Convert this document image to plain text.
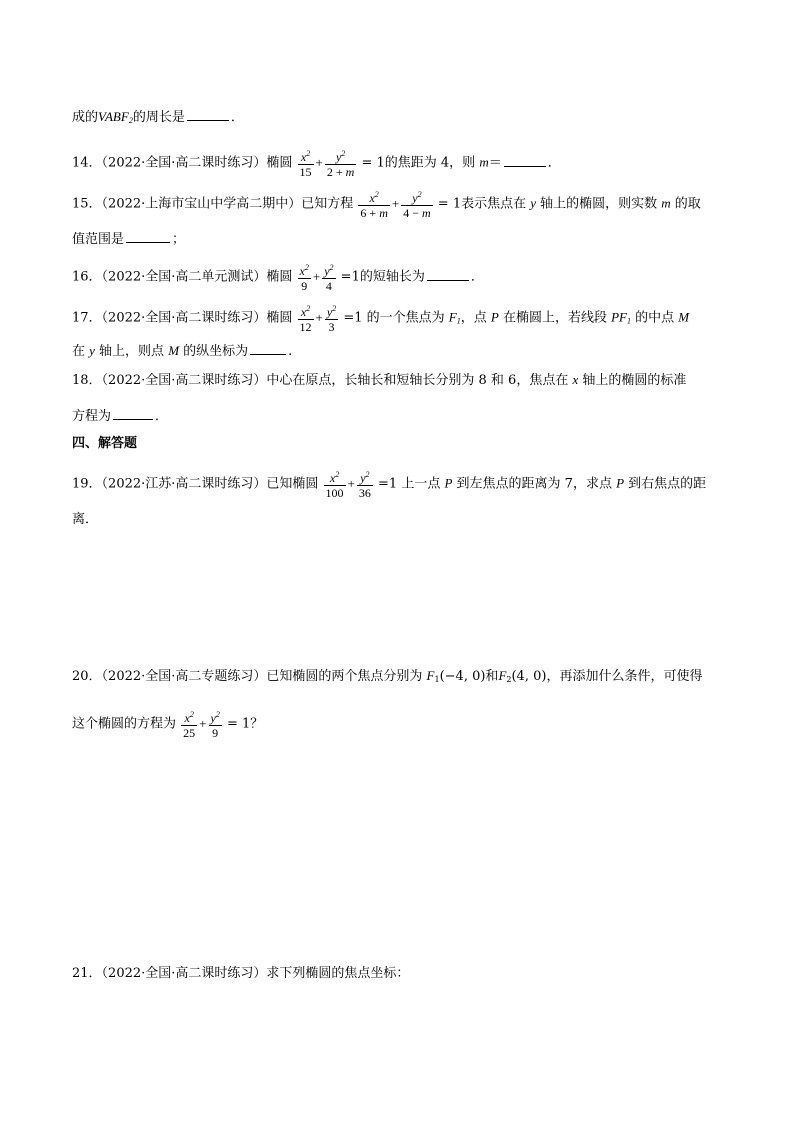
成的$VABF_2$的周长是	．
14．（2022·全国·高二课时练习）椭圆 $\frac{x^2}{15} + \frac{y^2}{2 + m} = 1$的焦距为 4，则 m＝	．
15．（2022·上海市宝山中学高二期中）已知方程 $\frac{x^2}{6 + m} + \frac{y^2}{4 - m} = 1$表示焦点在 y 轴上的椭圆，则实数 m 的取
值范围是	；
16．（2022·全国·高二单元测试）椭圆 $\frac{x^2}{9} + \frac{y^2}{4} =1$的短轴长为	．
17．（2022·全国·高二课时练习）椭圆 $\frac{x^2}{12} + \frac{y^2}{3} =1$ 的一个焦点为 $F_1$，点 P 在椭圆上，若线段 $PF_1$ 的中点 M
在 y 轴上，则点 M 的纵坐标为	.
18．（2022·全国·高二课时练习）中心在原点，长轴长和短轴长分别为 8 和 6，焦点在 x 轴上的椭圆的标准
方程为	．
四、解答题
19．（2022·江苏·高二课时练习）已知椭圆 $\frac{x^2}{100} + \frac{y^2}{36} =1$ 上一点 P 到左焦点的距离为 7，求点 P 到右焦点的距
离．
20．（2022·全国·高二专题练习）已知椭圆的两个焦点分别为 $F_1(-4$, 0)和$F_2(4$, 0)，再添加什么条件，可使得
这个椭圆的方程为 $\frac{x^2}{25} + \frac{y^2}{9} = 1$？
21．（2022·全国·高二课时练习）求下列椭圆的焦点坐标：
